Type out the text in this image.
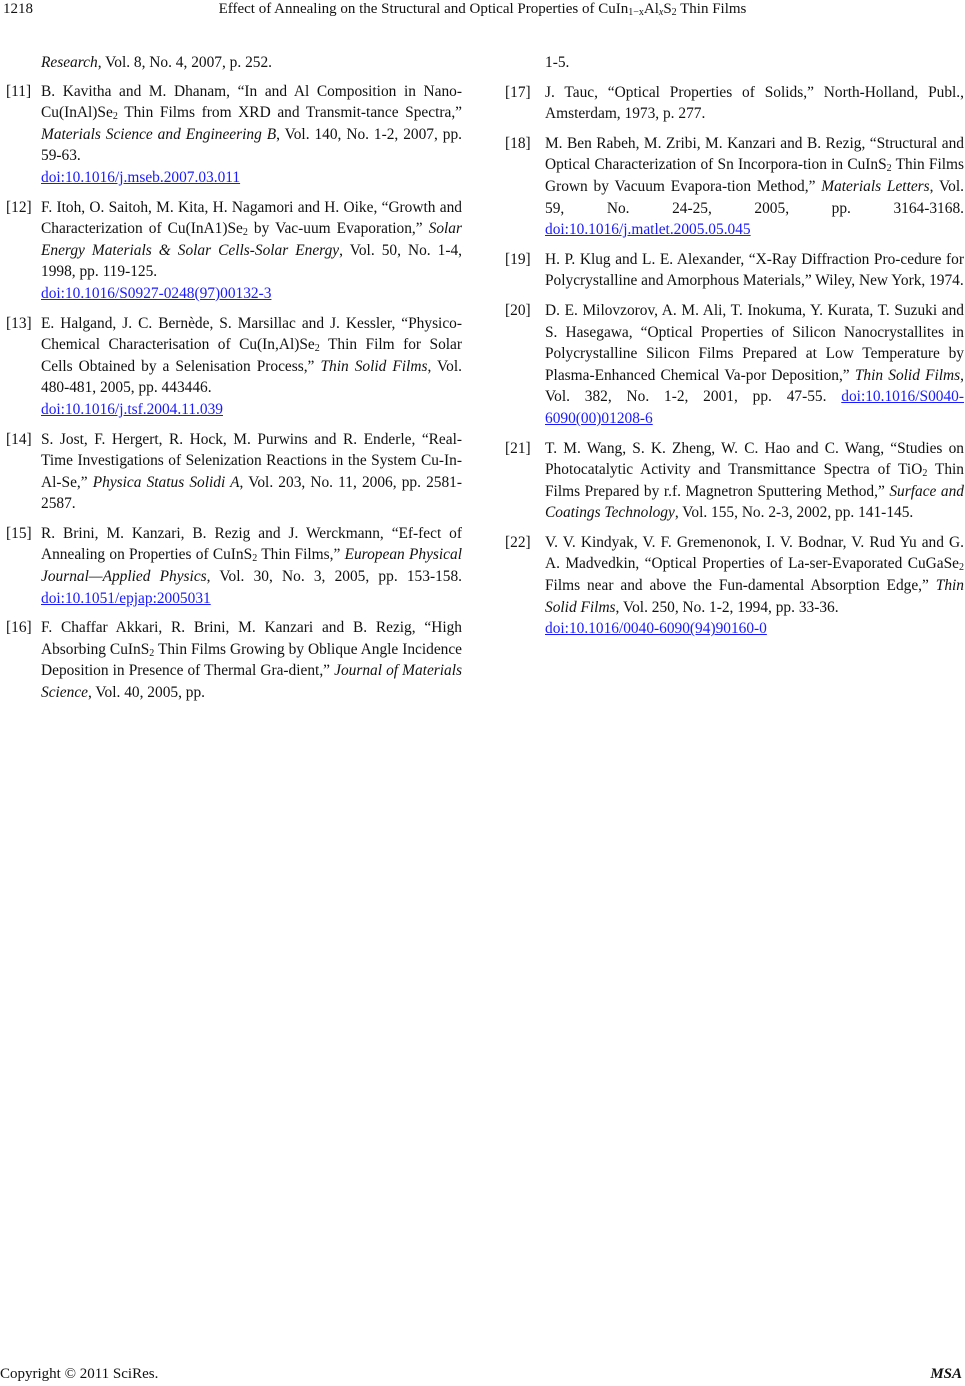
1218	Effect of Annealing on the Structural and Optical Properties of $CuIn_{1-x}Al_xS_2$ Thin Films
Research, Vol. 8, No. 4, 2007, p. 252.
[11] B. Kavitha and M. Dhanam, “In and Al Composition in Nano-$Cu(InAl)Se_2$ Thin Films from XRD and Transmit-tance Spectra,” Materials Science and Engineering B, Vol. 140, No. 1-2, 2007, pp. 59-63.
doi:10.1016/j.mseb.2007.03.011
[12] F. Itoh, O. Saitoh, M. Kita, H. Nagamori and H. Oike, “Growth and Characterization of $Cu(InA1)Se_2$ by Vac-uum Evaporation,” Solar Energy Materials & Solar Cells-Solar Energy, Vol. 50, No. 1-4, 1998, pp. 119-125.
doi:10.1016/S0927-0248(97)00132-3
[13] E. Halgand, J. C. Bernède, S. Marsillac and J. Kessler, “Physico-Chemical Characterisation of $Cu(In,Al)Se_2$ Thin Film for Solar Cells Obtained by a Selenisation Process,” Thin Solid Films, Vol. 480-481, 2005, pp. 443446.
doi:10.1016/j.tsf.2004.11.039
[14] S. Jost, F. Hergert, R. Hock, M. Purwins and R. Enderle, “Real-Time Investigations of Selenization Reactions in the System Cu-In-Al-Se,” Physica Status Solidi A, Vol. 203, No. 11, 2006, pp. 2581-2587.
[15] R. Brini, M. Kanzari, B. Rezig and J. Werckmann, “Ef-fect of Annealing on Properties of CuInS$_2$ Thin Films,” European Physical Journal—Applied Physics, Vol. 30, No. 3, 2005, pp. 153-158. doi:10.1051/epjap:2005031
[16] F. Chaffar Akkari, R. Brini, M. Kanzari and B. Rezig, “High Absorbing CuInS$_2$ Thin Films Growing by Oblique Angle Incidence Deposition in Presence of Thermal Gra-dient,” Journal of Materials Science, Vol. 40, 2005, pp.
1-5.
[17] J. Tauc, “Optical Properties of Solids,” North-Holland, Publ., Amsterdam, 1973, p. 277.
[18] M. Ben Rabeh, M. Zribi, M. Kanzari and B. Rezig, “Structural and Optical Characterization of Sn Incorpora-tion in CuInS$_2$ Thin Films Grown by Vacuum Evapora-tion Method,” Materials Letters, Vol. 59, No. 24-25, 2005, pp. 3164-3168. doi:10.1016/j.matlet.2005.05.045
[19] H. P. Klug and L. E. Alexander, “X-Ray Diffraction Pro-cedure for Polycrystalline and Amorphous Materials,” Wiley, New York, 1974.
[20] D. E. Milovzorov, A. M. Ali, T. Inokuma, Y. Kurata, T. Suzuki and S. Hasegawa, “Optical Properties of Silicon Nanocrystallites in Polycrystalline Silicon Films Prepared at Low Temperature by Plasma-Enhanced Chemical Va-por Deposition,” Thin Solid Films, Vol. 382, No. 1-2, 2001, pp. 47-55. doi:10.1016/S0040-6090(00)01208-6
[21] T. M. Wang, S. K. Zheng, W. C. Hao and C. Wang, “Studies on Photocatalytic Activity and Transmittance Spectra of TiO$_2$ Thin Films Prepared by r.f. Magnetron Sputtering Method,” Surface and Coatings Technology, Vol. 155, No. 2-3, 2002, pp. 141-145.
[22] V. V. Kindyak, V. F. Gremenonok, I. V. Bodnar, V. Rud Yu and G. A. Madvedkin, “Optical Properties of La-ser-Evaporated CuGaSe$_2$ Films near and above the Fun-damental Absorption Edge,” Thin Solid Films, Vol. 250, No. 1-2, 1994, pp. 33-36.
doi:10.1016/0040-6090(94)90160-0
Copyright © 2011 SciRes.	MSA
